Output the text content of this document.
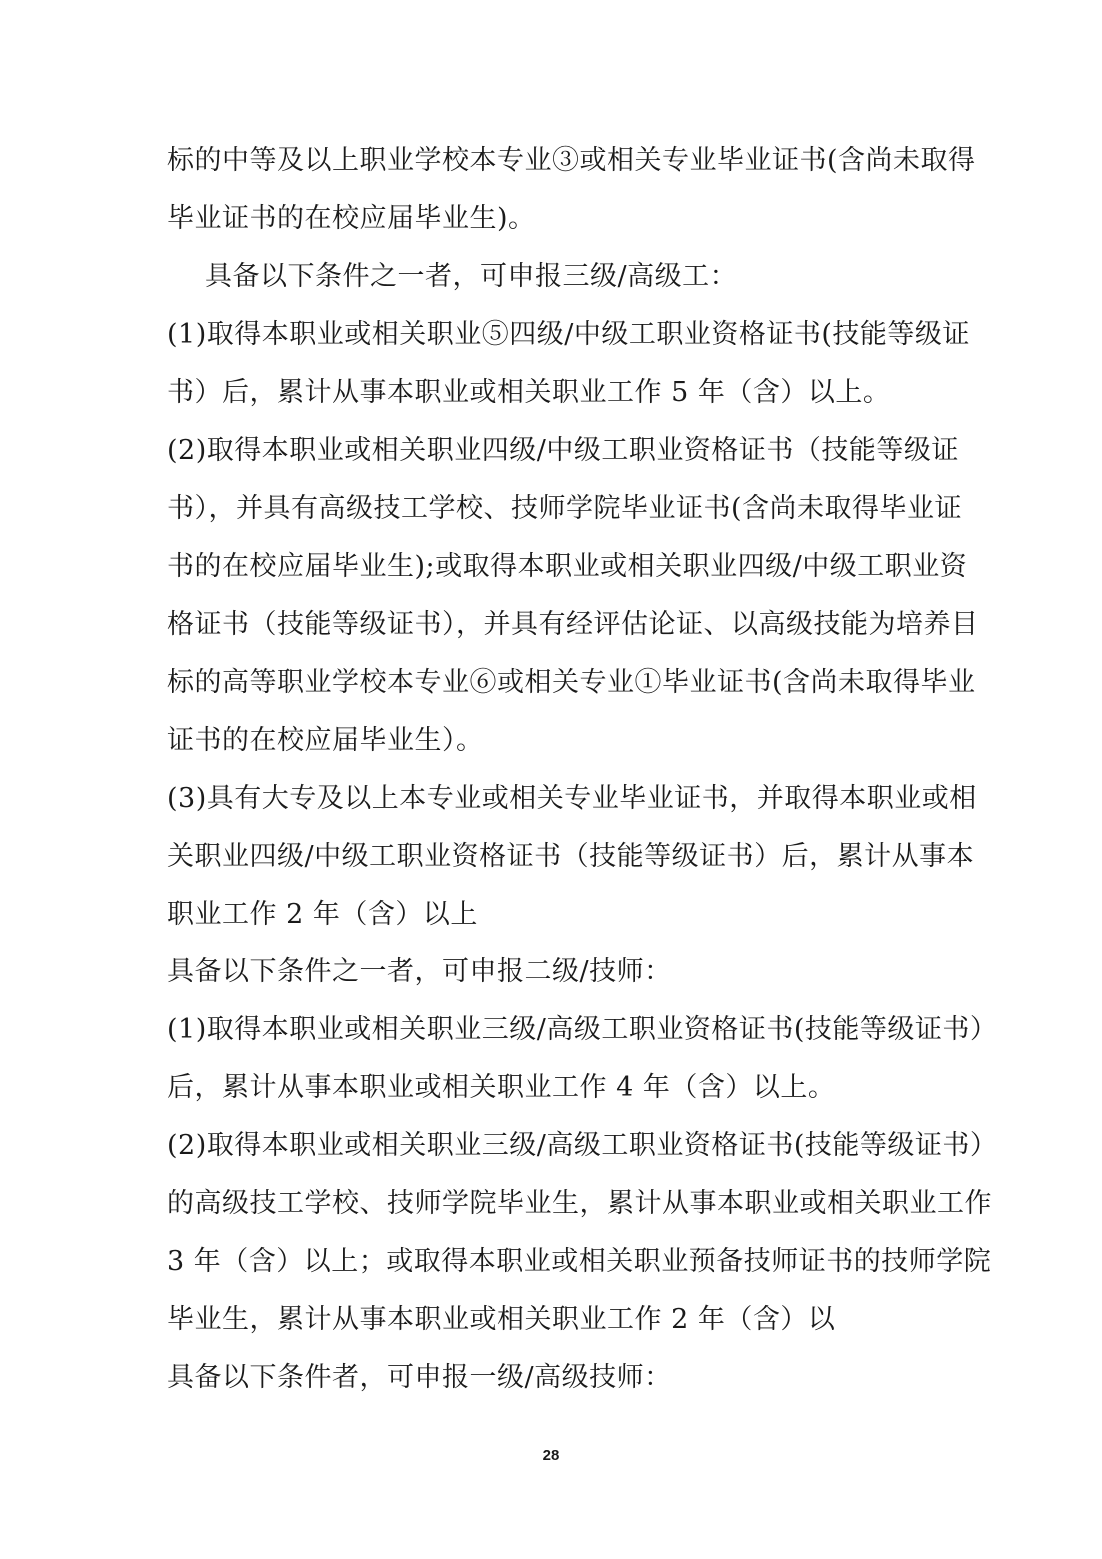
标的中等及以上职业学校本专业③或相关专业毕业证书(含尚未取得
毕业证书的在校应届毕业生)。
具备以下条件之一者，可申报三级/高级工：
(1)取得本职业或相关职业⑤四级/中级工职业资格证书(技能等级证
书）后，累计从事本职业或相关职业工作 5 年（含）以上。
(2)取得本职业或相关职业四级/中级工职业资格证书（技能等级证
书），并具有高级技工学校、技师学院毕业证书(含尚未取得毕业证
书的在校应届毕业生);或取得本职业或相关职业四级/中级工职业资
格证书（技能等级证书），并具有经评估论证、以高级技能为培养目
标的高等职业学校本专业⑥或相关专业①毕业证书(含尚未取得毕业
证书的在校应届毕业生）。
(3)具有大专及以上本专业或相关专业毕业证书，并取得本职业或相
关职业四级/中级工职业资格证书（技能等级证书）后，累计从事本
职业工作 2 年（含）以上
具备以下条件之一者，可申报二级/技师：
(1)取得本职业或相关职业三级/高级工职业资格证书(技能等级证书）
后，累计从事本职业或相关职业工作 4 年（含）以上。
(2)取得本职业或相关职业三级/高级工职业资格证书(技能等级证书）
的高级技工学校、技师学院毕业生，累计从事本职业或相关职业工作
3 年（含）以上；或取得本职业或相关职业预备技师证书的技师学院
毕业生，累计从事本职业或相关职业工作 2 年（含）以
具备以下条件者，可申报一级/高级技师：
28
